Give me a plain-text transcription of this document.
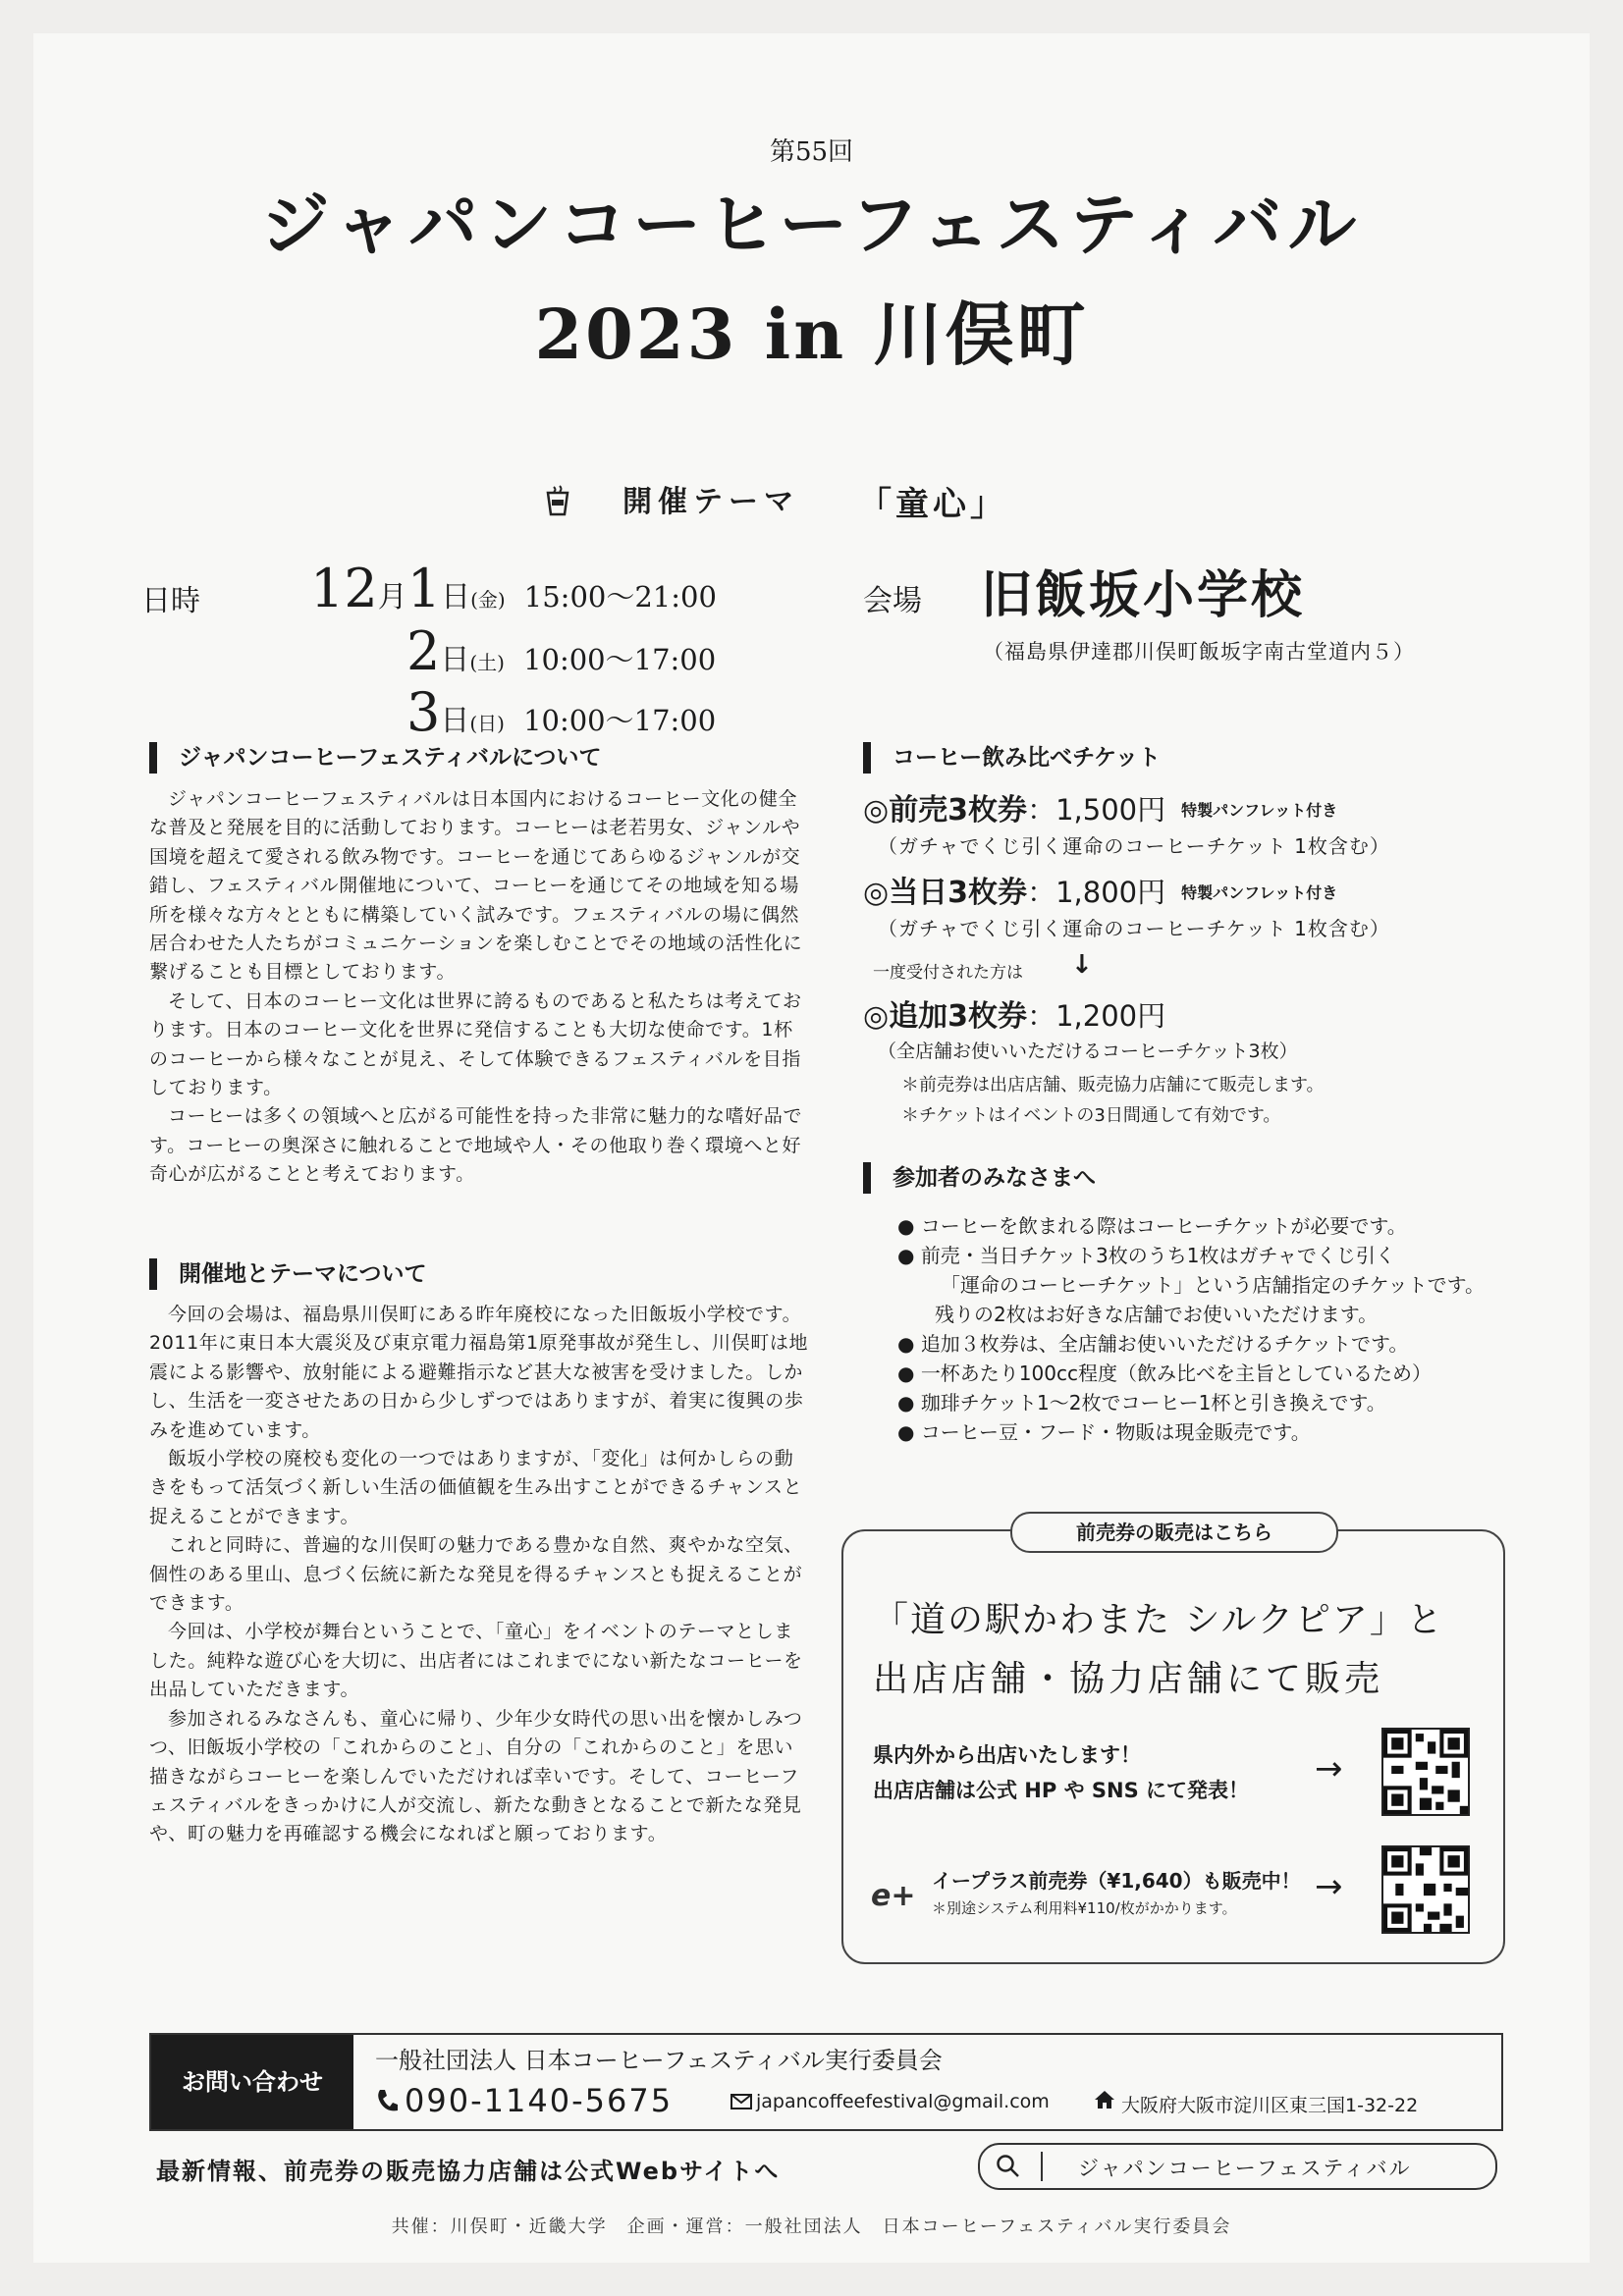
第55回
ジャパンコーヒーフェスティバル
2023 in 川俣町
開催テーマ 「童心」
日時 12月1日(金) 15:00～21:00
2日(土) 10:00～17:00
3日(日) 10:00～17:00
会場 旧飯坂小学校
（福島県伊達郡川俣町飯坂字南古堂道内５）
ジャパンコーヒーフェスティバルについて

ジャパンコーヒーフェスティバルは日本国内におけるコーヒー文化の健全な普及と発展を目的に活動しております。コーヒーは老若男女、ジャンルや国境を超えて愛される飲み物です。コーヒーを通じてあらゆるジャンルが交錯し、フェスティバル開催地について、コーヒーを通じてその地域を知る場所を様々な方々とともに構築していく試みです。フェスティバルの場に偶然居合わせた人たちがコミュニケーションを楽しむことでその地域の活性化に繋げることも目標としております。

そして、日本のコーヒー文化は世界に誇るものであると私たちは考えております。日本のコーヒー文化を世界に発信することも大切な使命です。1杯のコーヒーから様々なことが見え、そして体験できるフェスティバルを目指しております。

コーヒーは多くの領域へと広がる可能性を持った非常に魅力的な嗜好品です。コーヒーの奥深さに触れることで地域や人・その他取り巻く環境へと好奇心が広がることと考えております。

開催地とテーマについて

今回の会場は、福島県川俣町にある昨年廃校になった旧飯坂小学校です。2011年に東日本大震災及び東京電力福島第1原発事故が発生し、川俣町は地震による影響や、放射能による避難指示など甚大な被害を受けました。しかし、生活を一変させたあの日から少しずつではありますが、着実に復興の歩みを進めています。

飯坂小学校の廃校も変化の一つではありますが、「変化」は何かしらの動きをもって活気づく新しい生活の価値観を生み出すことができるチャンスと捉えることができます。

これと同時に、普遍的な川俣町の魅力である豊かな自然、爽やかな空気、個性のある里山、息づく伝統に新たな発見を得るチャンスとも捉えることができます。

今回は、小学校が舞台ということで、「童心」をイベントのテーマとしました。純粋な遊び心を大切に、出店者にはこれまでにない新たなコーヒーを出品していただきます。

参加されるみなさんも、童心に帰り、少年少女時代の思い出を懐かしみつつ、旧飯坂小学校の「これからのこと」、自分の「これからのこと」を思い描きながらコーヒーを楽しんでいただければ幸いです。そして、コーヒーフェスティバルをきっかけに人が交流し、新たな動きとなることで新たな発見や、町の魅力を再確認する機会になればと願っております。

コーヒー飲み比べチケット
◎前売3枚券：1,500円 特製パンフレット付き
（ガチャでくじ引く運命のコーヒーチケット 1枚含む）
◎当日3枚券：1,800円 特製パンフレット付き
（ガチャでくじ引く運命のコーヒーチケット 1枚含む）
一度受付された方は ↓
◎追加3枚券：1,200円
（全店舗お使いいただけるコーヒーチケット3枚）
＊前売券は出店店舗、販売協力店舗にて販売します。
＊チケットはイベントの3日間通して有効です。
参加者のみなさまへ
● コーヒーを飲まれる際はコーヒーチケットが必要です。
● 前売・当日チケット3枚のうち1枚はガチャでくじ引く
「運命のコーヒーチケット」という店舗指定のチケットです。
残りの2枚はお好きな店舗でお使いいただけます。
● 追加３枚券は、全店舗お使いいただけるチケットです。
● 一杯あたり100cc程度（飲み比べを主旨としているため）
● 珈琲チケット1～2枚でコーヒー1杯と引き換えです。
● コーヒー豆・フード・物販は現金販売です。
前売券の販売はこちら
「道の駅かわまた シルクピア」と
出店店舗・協力店舗にて販売
県内外から出店いたします！
出店店舗は公式 HP や SNS にて発表！
→
e+ イープラス前売券（¥1,640）も販売中！
＊別途システム利用料¥110/枚がかかります。
→
お問い合わせ
一般社団法人 日本コーヒーフェスティバル実行委員会
090-1140-5675	japancoffeefestival@gmail.com	大阪府大阪市淀川区東三国1-32-22
最新情報、前売券の販売協力店舗は公式Webサイトへ	ジャパンコーヒーフェスティバル
共催：川俣町・近畿大学　企画・運営：一般社団法人　日本コーヒーフェスティバル実行委員会
